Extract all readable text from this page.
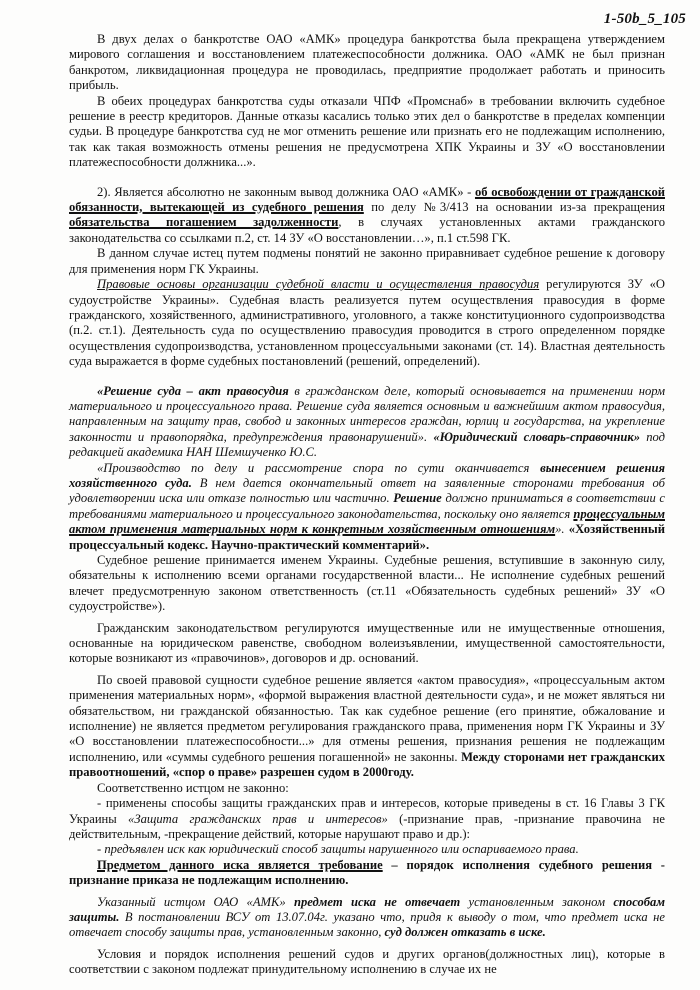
1-50b_5_105

В двух делах о банкротстве ОАО «АМК» процедура банкротства была прекращена утверждением мирового соглашения и восстановлением платежеспособности должника. ОАО «АМК не был признан банкротом, ликвидационная процедура не проводилась, предприятие продолжает работать и приносить прибыль.

В обеих процедурах банкротства суды отказали ЧПФ «Промснаб» в требовании включить судебное решение в реестр кредиторов. Данные отказы касались только этих дел о банкротстве в пределах компенции судьи. В процедуре банкротства суд не мог отменить решение или признать его не подлежащим исполнению, так как такая возможность отмены решения не предусмотрена ХПК Украины и ЗУ «О восстановлении платежеспособности должника...».

2). Является абсолютно не законным вывод должника ОАО «АМК» - об освобождении от гражданской обязанности, вытекающей из судебного решения по делу №3/413 на основании из-за прекращения обязательства погашением задолженности, в случаях установленных актами гражданского законодательства со ссылками п.2, ст. 14 ЗУ «О восстановлении…», п.1 ст.598 ГК.

В данном случае истец путем подмены понятий не законно приравнивает судебное решение к договору для применения норм ГК Украины.

Правовые основы организации судебной власти и осуществления правосудия регулируются ЗУ «О судоустройстве Украины». Судебная власть реализуется путем осуществления правосудия в форме гражданского, хозяйственного, административного, уголовного, а также конституционного судопроизводства (п.2. ст.1). Деятельность суда по осуществлению правосудия проводится в строго определенном порядке осуществления судопроизводства, установленном процессуальными законами (ст. 14). Властная деятельность суда выражается в форме судебных постановлений (решений, определений).

«Решение суда – акт правосудия в гражданском деле, который основывается на применении норм материального и процессуального права. Решение суда является основным и важнейшим актом правосудия, направленным на защиту прав, свобод и законных интересов граждан, юрлиц и государства, на укрепление законности и правопорядка, предупреждения правонарушений». «Юридический словарь-справочник» под редакцией академика НАН Шемшученко Ю.С.

«Производство по делу и рассмотрение спора по сути оканчивается вынесением решения хозяйственного суда. В нем дается окончательный ответ на заявленные сторонами требования об удовлетворении иска или отказе полностью или частично. Решение должно приниматься в соответствии с требованиями материального и процессуального законодательства, поскольку оно является процессуальным актом применения материальных норм к конкретным хозяйственным отношениям». «Хозяйственный процессуальный кодекс. Научно-практический комментарий».

Судебное решение принимается именем Украины. Судебные решения, вступившие в законную силу, обязательны к исполнению всеми органами государственной власти... Не исполнение судебных решений влечет предусмотренную законом ответственность (ст.11 «Обязательность судебных решений» ЗУ «О судоустройстве»).

Гражданским законодательством регулируются имущественные или не имущественные отношения, основанные на юридическом равенстве, свободном волеизъявлении, имущественной самостоятельности, которые возникают из «правочинов», договоров и др. оснований.

По своей правовой сущности судебное решение является «актом правосудия», «процессуальным актом применения материальных норм», «формой выражения властной деятельности суда», и не может являться ни обязательством, ни гражданской обязанностью. Так как судебное решение (его принятие, обжалование и исполнение) не является предметом регулирования гражданского права, применения норм ГК Украины и ЗУ «О восстановлении платежеспособности...» для отмены решения, признания решения не подлежащим исполнению, или «суммы судебного решения погашенной» не законны. Между сторонами нет гражданских правоотношений, «спор о праве» разрешен судом в 2000году.

Соответственно истцом не законно:

- применены способы защиты гражданских прав и интересов, которые приведены в ст. 16 Главы 3 ГК Украины «Защита гражданских прав и интересов» (-признание прав, -признание правочина не действительным, -прекращение действий, которые нарушают право и др.):

- предъявлен иск как юридический способ защиты нарушенного или оспариваемого права.

Предметом данного иска является требование – порядок исполнения судебного решения - признание приказа не подлежащим исполнению.

Указанный истцом ОАО «АМК» предмет иска не отвечает установленным законом способам защиты. В постановлении ВСУ от 13.07.04г. указано что, придя к выводу о том, что предмет иска не отвечает способу защиты прав, установленным законно, суд должен отказать в иске.

Условия и порядок исполнения решений судов и других органов(должностных лиц), которые в соответствии с законом подлежат принудительному исполнению в случае их не
